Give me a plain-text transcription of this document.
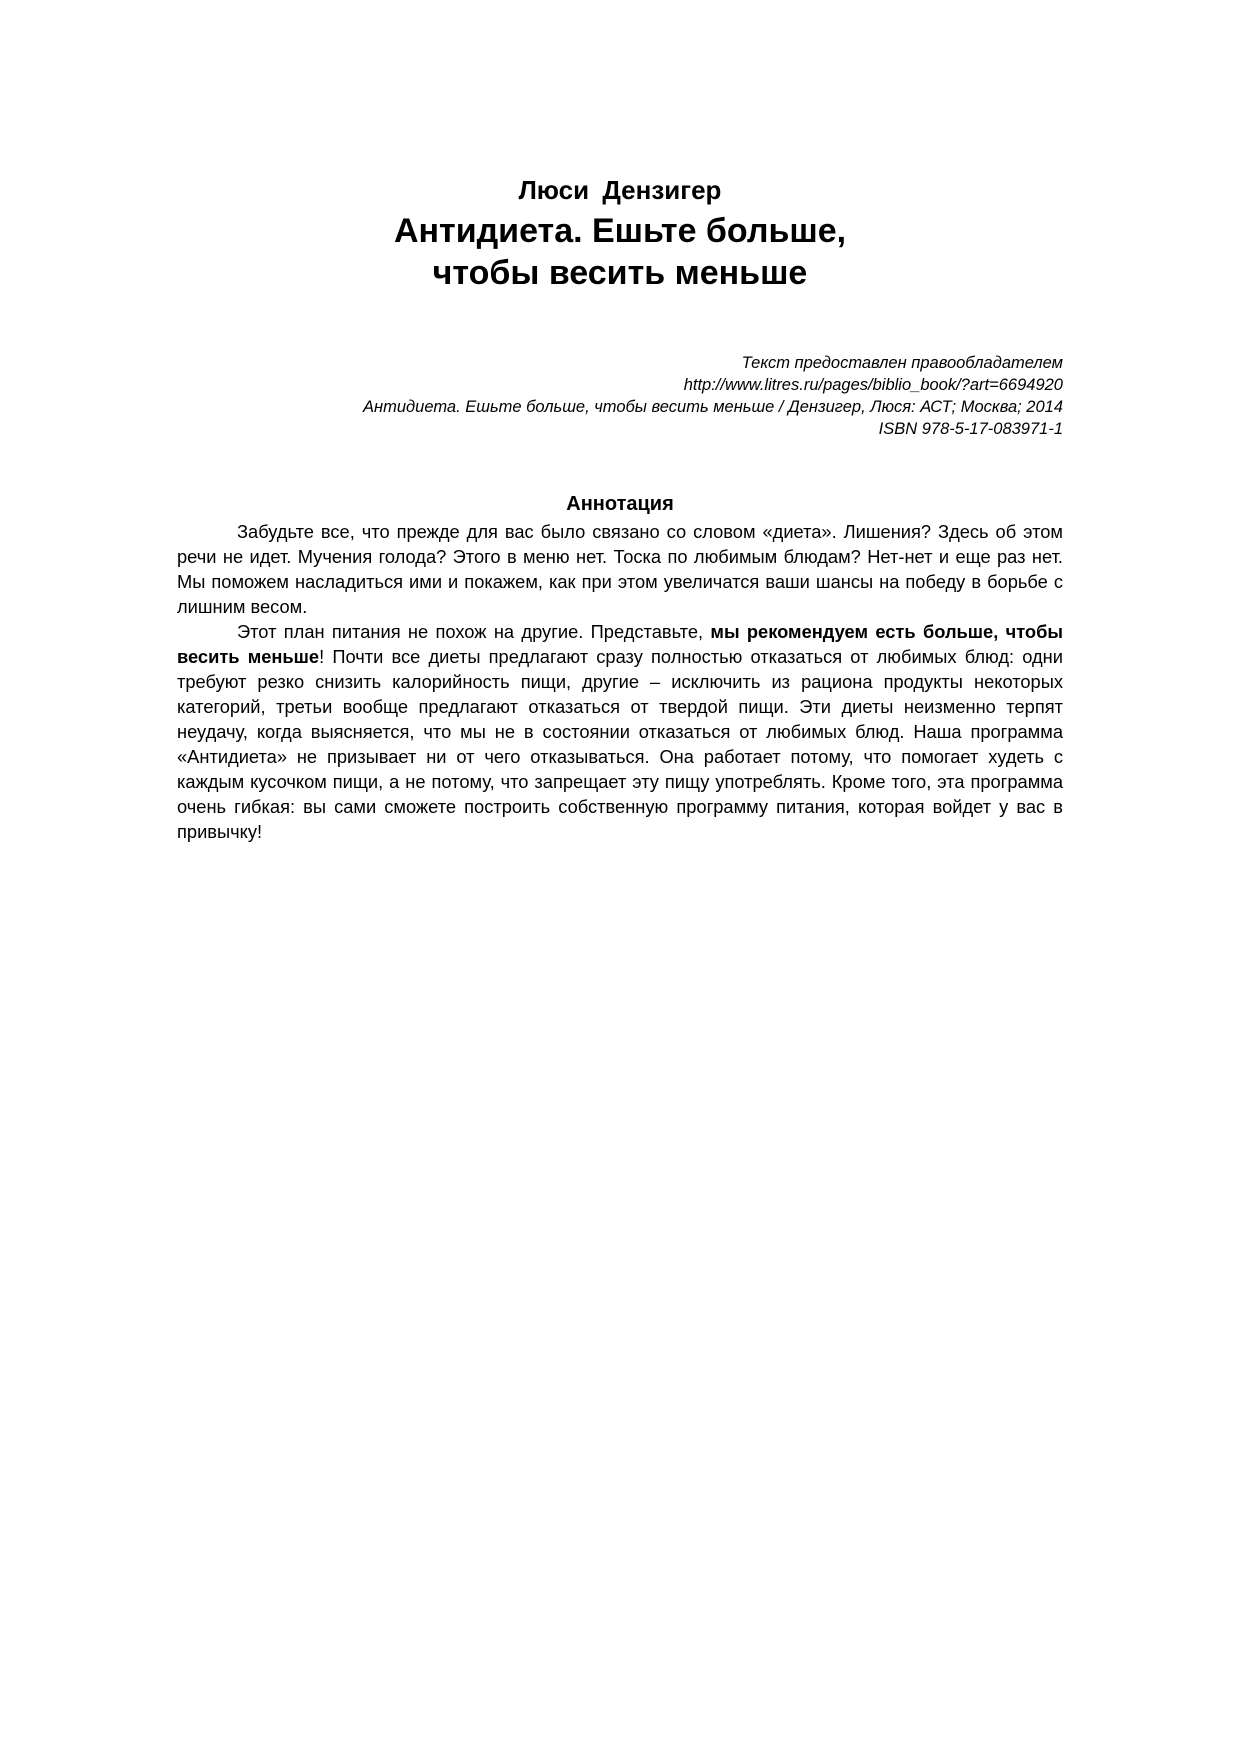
Люси Дензигер
Антидиета. Ешьте больше,
чтобы весить меньше
Текст предоставлен правообладателем
http://www.litres.ru/pages/biblio_book/?art=6694920
Антидиета. Ешьте больше, чтобы весить меньше / Дензигер, Люся: АСТ; Москва; 2014
ISBN 978-5-17-083971-1
Аннотация

Забудьте все, что прежде для вас было связано со словом «диета». Лишения? Здесь об этом речи не идет. Мучения голода? Этого в меню нет. Тоска по любимым блюдам? Нет-нет и еще раз нет. Мы поможем насладиться ими и покажем, как при этом увеличатся ваши шансы на победу в борьбе с лишним весом.

Этот план питания не похож на другие. Представьте, мы рекомендуем есть больше, чтобы весить меньше! Почти все диеты предлагают сразу полностью отказаться от любимых блюд: одни требуют резко снизить калорийность пищи, другие – исключить из рациона продукты некоторых категорий, третьи вообще предлагают отказаться от твердой пищи. Эти диеты неизменно терпят неудачу, когда выясняется, что мы не в состоянии отказаться от любимых блюд. Наша программа «Антидиета» не призывает ни от чего отказываться. Она работает потому, что помогает худеть с каждым кусочком пищи, а не потому, что запрещает эту пищу употреблять. Кроме того, эта программа очень гибкая: вы сами сможете построить собственную программу питания, которая войдет у вас в привычку!
